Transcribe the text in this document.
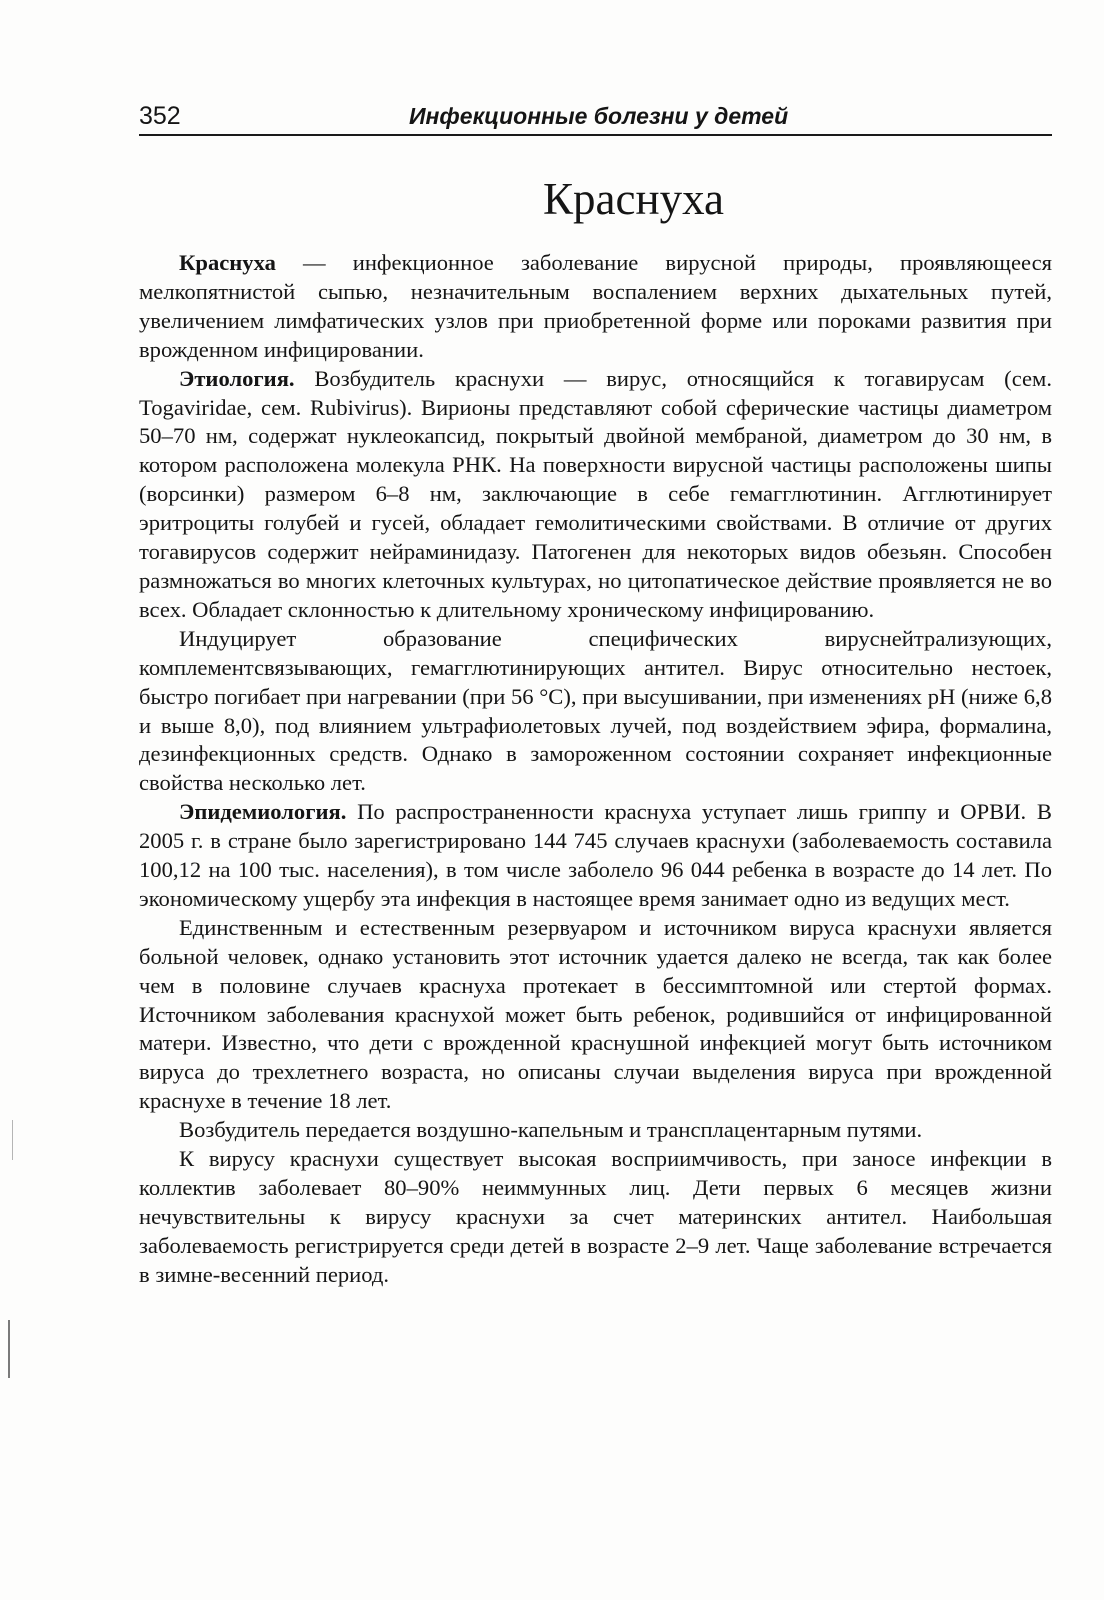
352	Инфекционные болезни у детей
Краснуха

Краснуха — инфекционное заболевание вирусной природы, проявляющееся мелкопятнистой сыпью, незначительным воспалением верхних дыхательных путей, увеличением лимфатических узлов при приобретенной форме или пороками развития при врожденном инфицировании.

Этиология. Возбудитель краснухи — вирус, относящийся к тогавирусам (сем. Togaviridae, сем. Rubivirus). Вирионы представляют собой сферические частицы диаметром 50–70 нм, содержат нуклеокапсид, покрытый двойной мембраной, диаметром до 30 нм, в котором расположена молекула РНК. На поверхности вирусной частицы расположены шипы (ворсинки) размером 6–8 нм, заключающие в себе гемагглютинин. Агглютинирует эритроциты голубей и гусей, обладает гемолитическими свойствами. В отличие от других тогавирусов содержит нейраминидазу. Патогенен для некоторых видов обезьян. Способен размножаться во многих клеточных культурах, но цитопатическое действие проявляется не во всех. Обладает склонностью к длительному хроническому инфицированию.

Индуцирует образование специфических вируснейтрализующих, комплементсвязывающих, гемагглютинирующих антител. Вирус относительно нестоек, быстро погибает при нагревании (при 56 °С), при высушивании, при изменениях pH (ниже 6,8 и выше 8,0), под влиянием ультрафиолетовых лучей, под воздействием эфира, формалина, дезинфекционных средств. Однако в замороженном состоянии сохраняет инфекционные свойства несколько лет.

Эпидемиология. По распространенности краснуха уступает лишь гриппу и ОРВИ. В 2005 г. в стране было зарегистрировано 144 745 случаев краснухи (заболеваемость составила 100,12 на 100 тыс. населения), в том числе заболело 96 044 ребенка в возрасте до 14 лет. По экономическому ущербу эта инфекция в настоящее время занимает одно из ведущих мест.

Единственным и естественным резервуаром и источником вируса краснухи является больной человек, однако установить этот источник удается далеко не всегда, так как более чем в половине случаев краснуха протекает в бессимптомной или стертой формах. Источником заболевания краснухой может быть ребенок, родившийся от инфицированной матери. Известно, что дети с врожденной краснушной инфекцией могут быть источником вируса до трехлетнего возраста, но описаны случаи выделения вируса при врожденной краснухе в течение 18 лет.

Возбудитель передается воздушно-капельным и трансплацентарным путями.

К вирусу краснухи существует высокая восприимчивость, при заносе инфекции в коллектив заболевает 80–90% неиммунных лиц. Дети первых 6 месяцев жизни нечувствительны к вирусу краснухи за счет материнских антител. Наибольшая заболеваемость регистрируется среди детей в возрасте 2–9 лет. Чаще заболевание встречается в зимне-весенний период.
